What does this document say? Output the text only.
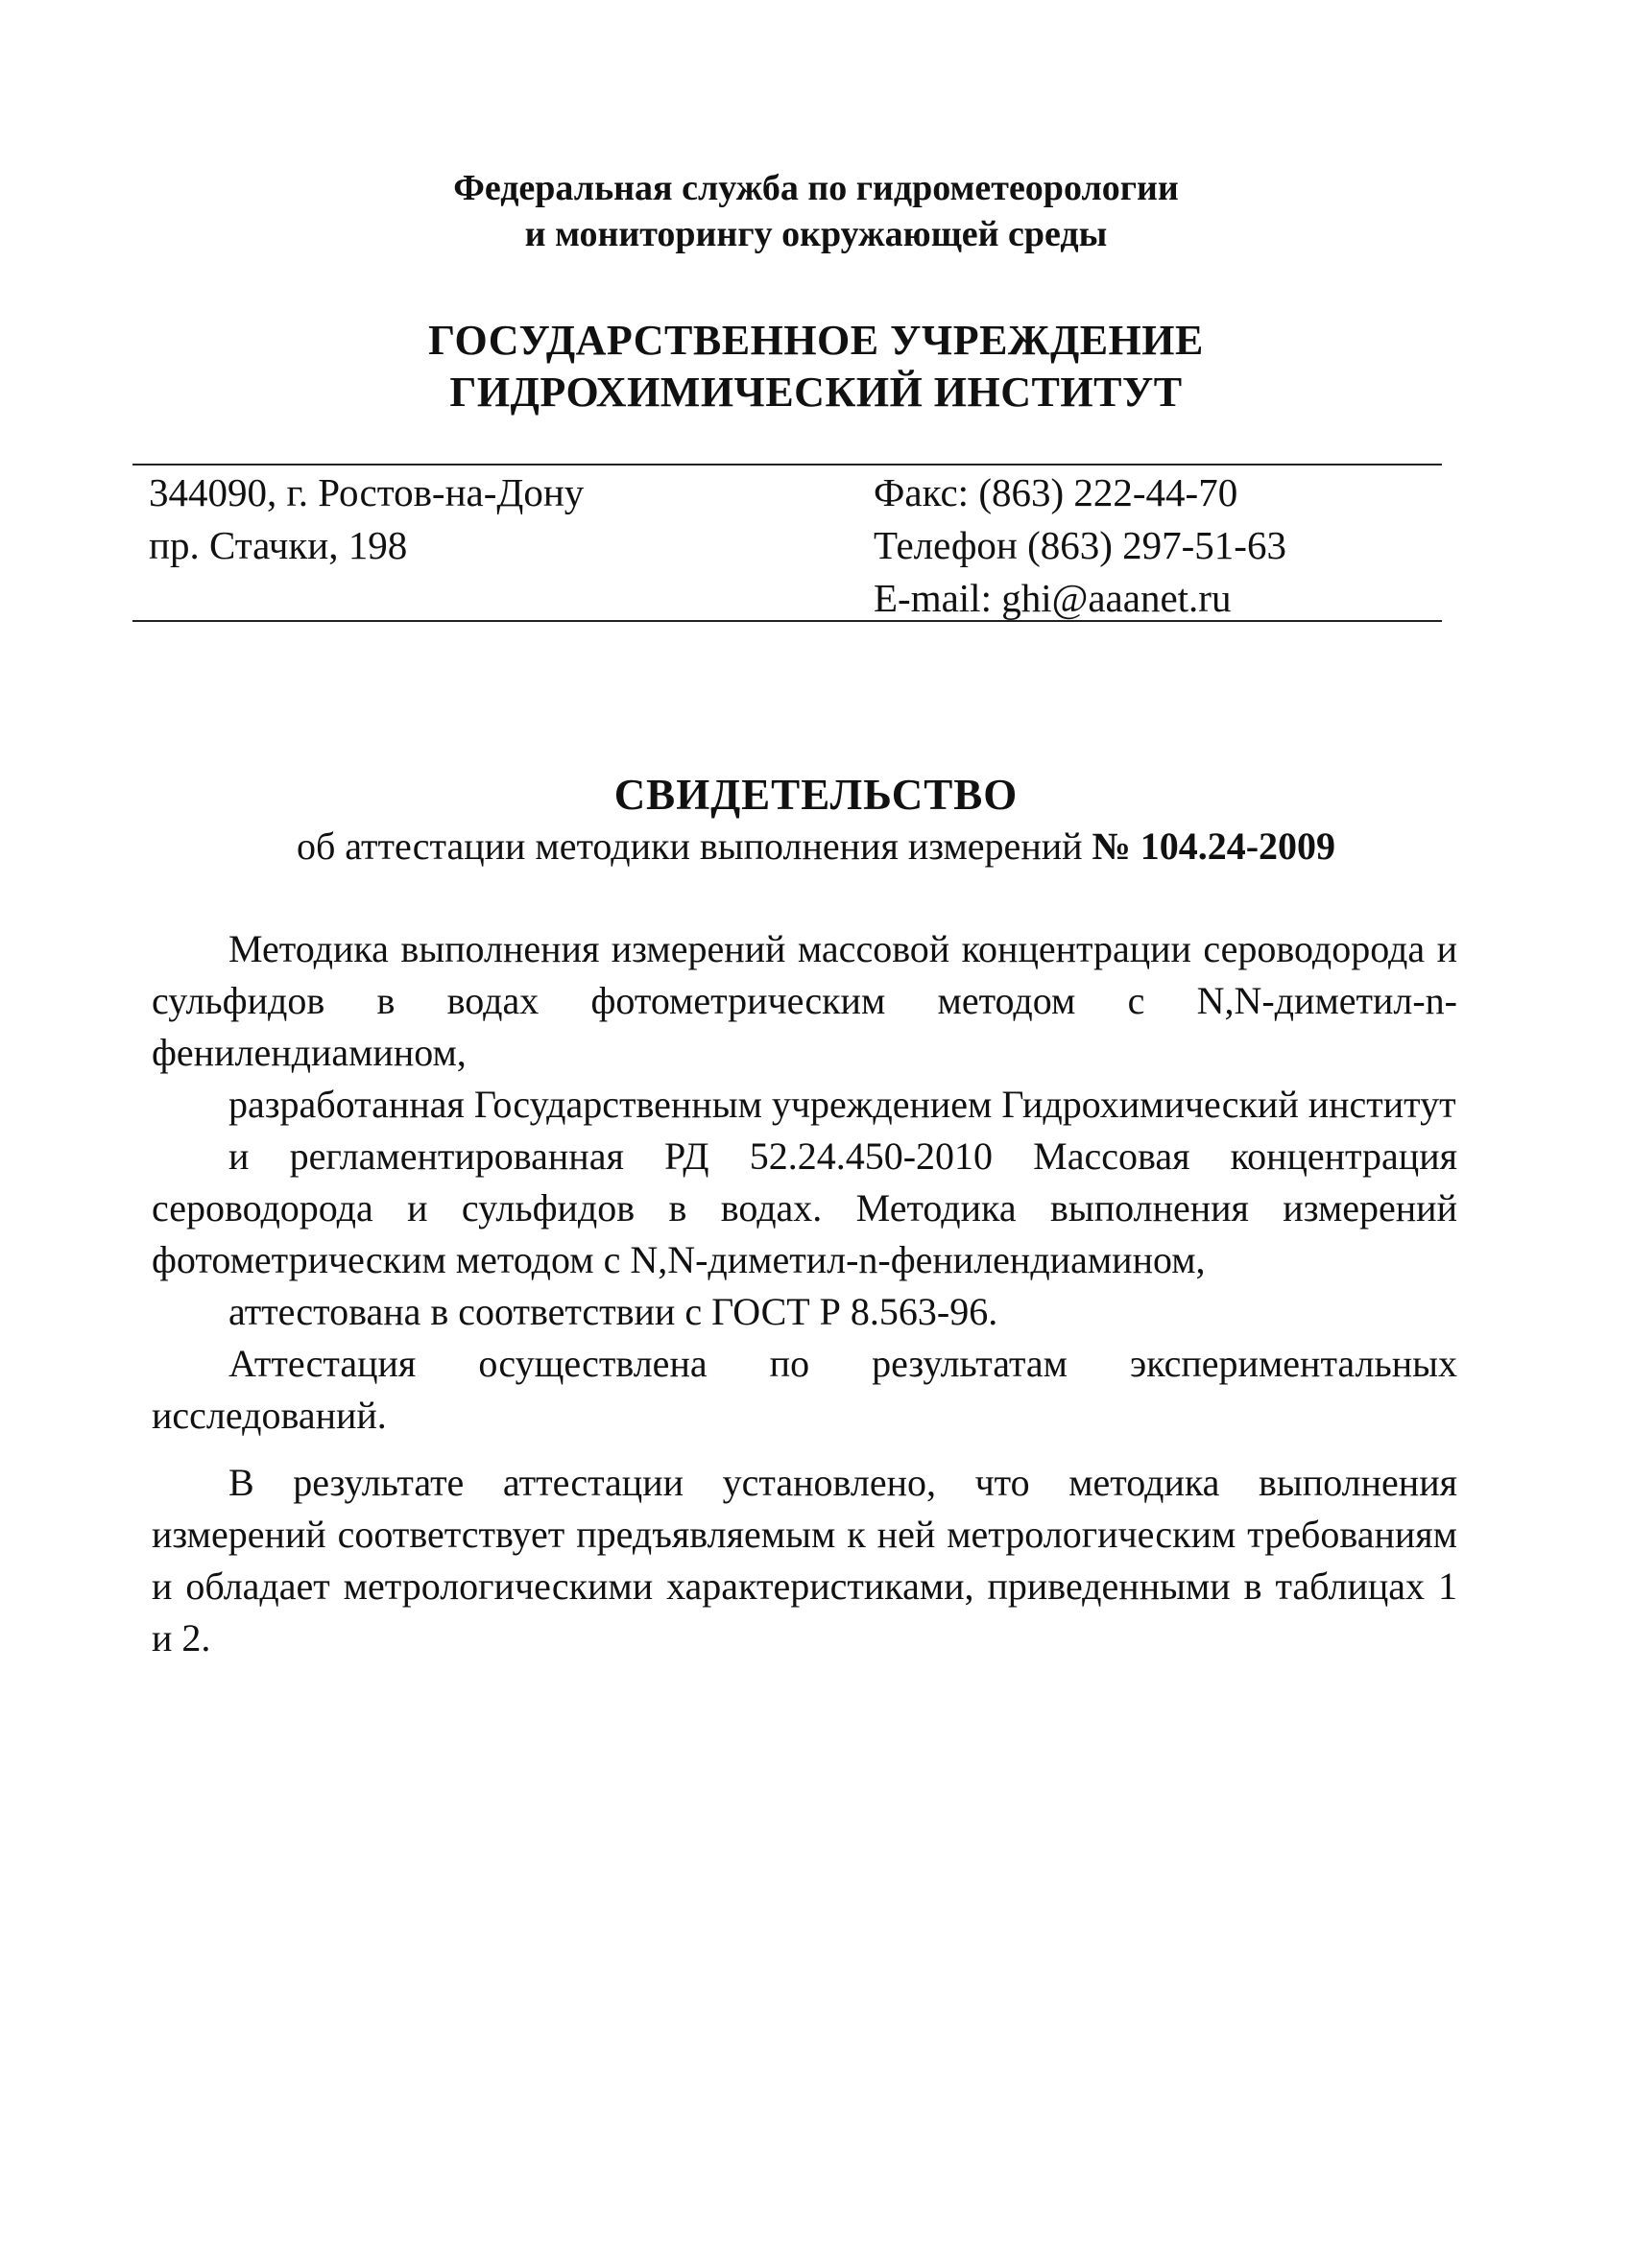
Федеральная служба по гидрометеорологии
и мониторингу окружающей среды
ГОСУДАРСТВЕННОЕ УЧРЕЖДЕНИЕ
ГИДРОХИМИЧЕСКИЙ ИНСТИТУТ
344090, г. Ростов-на-Дону
пр. Стачки, 198
Факс: (863) 222-44-70
Телефон (863) 297-51-63
E-mail: ghi@aaanet.ru
СВИДЕТЕЛЬСТВО
об аттестации методики выполнения измерений № 104.24-2009

Методика выполнения измерений массовой концентрации сероводорода и сульфидов в водах фотометрическим методом с N,N-диметил-n-фенилендиамином,

разработанная Государственным учреждением Гидрохимический институт

и регламентированная РД 52.24.450-2010 Массовая концентрация сероводорода и сульфидов в водах. Методика выполнения измерений фотометрическим методом с N,N-диметил-n-фенилендиамином,

аттестована в соответствии с ГОСТ Р 8.563-96.

Аттестация осуществлена по результатам экспериментальных исследований.

В результате аттестации установлено, что методика выполнения измерений соответствует предъявляемым к ней метрологическим требованиям и обладает метрологическими характеристиками, приведенными в таблицах 1 и 2.
